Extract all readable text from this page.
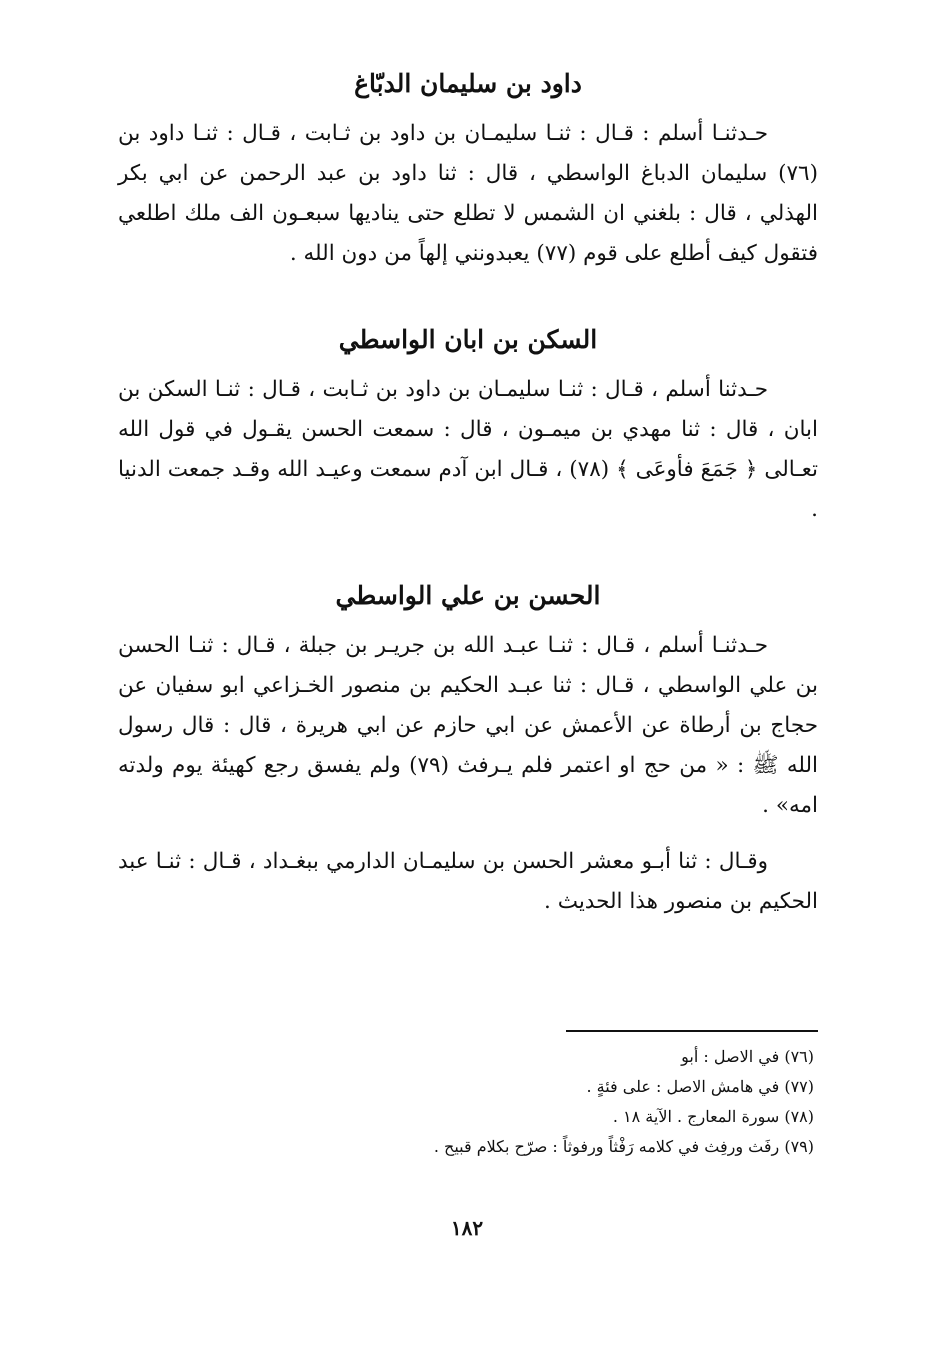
داود بن سليمان الدبّاغ

حـدثنـا أسلم : قـال : ثنـا سليمـان بن داود بن ثـابت ، قـال : ثنـا داود بن (٧٦) سليمان الدباغ الواسطي ، قال : ثنا داود بن عبد الرحمن عن ابي بكر الهذلي ، قال : بلغني ان الشمس لا تطلع حتى يناديها سبعـون الف ملك اطلعي فتقول كيف أطلع على قوم (٧٧) يعبدونني إلهاً من دون الله .

السكن بن ابان الواسطي

حـدثنا أسلم ، قـال : ثنـا سليمـان بن داود بن ثـابت ، قـال : ثنـا السكن بن ابان ، قال : ثنا مهدي بن ميمـون ، قال : سمعت الحسن يقـول في قول الله تعـالى ﴿ جَمَعَ فأوعَى ﴾ (٧٨) ، قـال ابن آدم سمعت وعيـد الله وقـد جمعت الدنيا .

الحسن بن علي الواسطي

حـدثنـا أسلم ، قـال : ثنـا عبـد الله بن جريـر بن جبلة ، قـال : ثنـا الحسن بن علي الواسطي ، قـال : ثنا عبـد الحكيم بن منصور الخـزاعي ابو سفيان عن حجاج بن أرطاة عن الأعمش عن ابي حازم عن ابي هريرة ، قال : قال رسول الله ﷺ : « من حج او اعتمر فلم يـرفث (٧٩) ولم يفسق رجع كهيئة يوم ولدته امه» .

وقـال : ثنا أبـو معشر الحسن بن سليمـان الدارمي ببغـداد ، قـال : ثنـا عبد الحكيم بن منصور هذا الحديث .

(٧٦) في الاصل : أبو

(٧٧) في هامش الاصل : على فئةٍ .

(٧٨) سورة المعارج . الآية ١٨ .

(٧٩) رفَث ورفِث في كلامه رَفْثاً ورفوثاً : صرّح بكلام قبيح .

١٨٢
